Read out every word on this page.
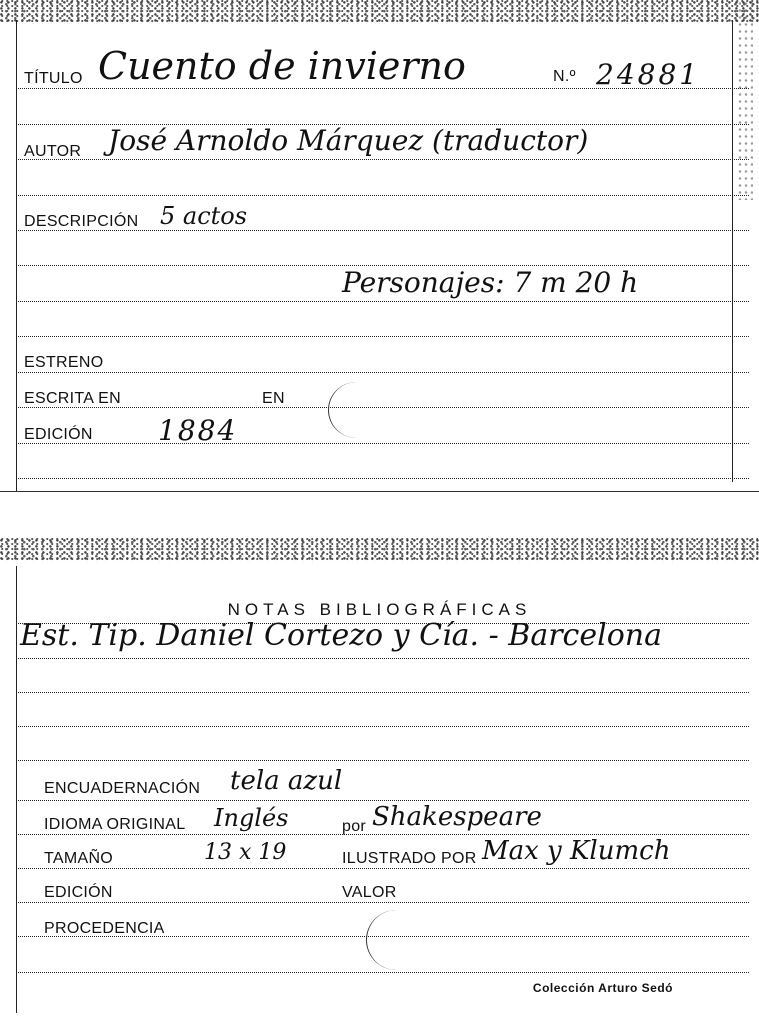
TÍTULO Cuento de invierno	N.º 24881
AUTOR José Arnoldo Márquez (traductor)
DESCRIPCIÓN 5 actos
Personajes: 7 m 20 h
ESTRENO
ESCRITA EN	EN
EDICIÓN 1884
NOTAS BIBLIOGRÁFICAS
Est. Tip. Daniel Cortezo y Cía. - Barcelona
ENCUADERNACIÓN tela azul
IDIOMA ORIGINAL Inglés	por Shakespeare
TAMAÑO	13 x 19	ILUSTRADO POR Max y Klumch
EDICIÓN	VALOR
PROCEDENCIA
Colección Arturo Sedó
